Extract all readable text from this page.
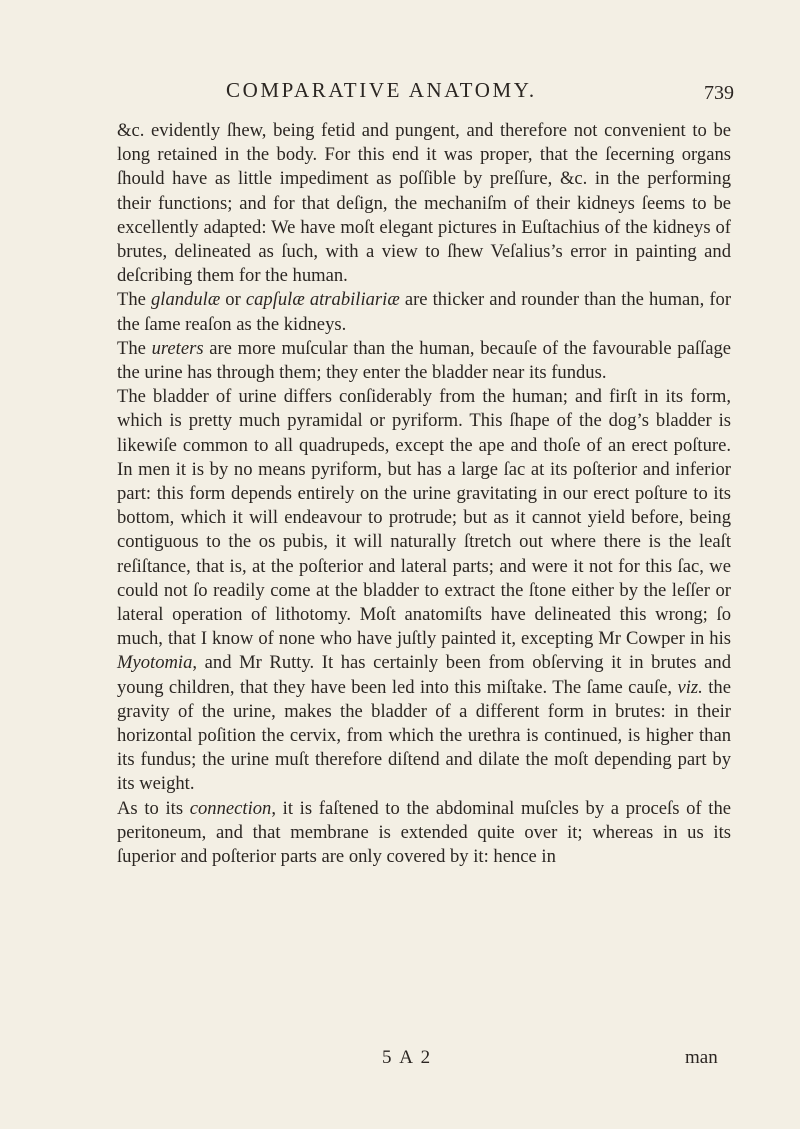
COMPARATIVE ANATOMY.	739

&c. evidently ſhew, being fetid and pungent, and therefore not convenient to be long retained in the body. For this end it was proper, that the ſecerning organs ſhould have as little impediment as poſſible by preſſure, &c. in the performing their functions; and for that deſign, the mechaniſm of their kidneys ſeems to be excellently adapted: We have moſt elegant pictures in Euſtachius of the kidneys of brutes, delineated as ſuch, with a view to ſhew Veſalius’s error in painting and deſcribing them for the human.

The glandulæ or capſulæ atrabiliariæ are thicker and rounder than the human, for the ſame reaſon as the kidneys.

The ureters are more muſcular than the human, becauſe of the favourable paſſage the urine has through them; they enter the bladder near its fundus.

The bladder of urine differs conſiderably from the human; and firſt in its form, which is pretty much pyramidal or pyriform. This ſhape of the dog’s bladder is likewiſe common to all quadrupeds, except the ape and thoſe of an erect poſture. In men it is by no means pyriform, but has a large ſac at its poſterior and inferior part: this form depends entirely on the urine gravitating in our erect poſture to its bottom, which it will endeavour to protrude; but as it cannot yield before, being contiguous to the os pubis, it will naturally ſtretch out where there is the leaſt reſiſtance, that is, at the poſterior and lateral parts; and were it not for this ſac, we could not ſo readily come at the bladder to extract the ſtone either by the leſſer or lateral operation of lithotomy. Moſt anatomiſts have delineated this wrong; ſo much, that I know of none who have juſtly painted it, excepting Mr Cowper in his Myotomia, and Mr Rutty. It has certainly been from obſerving it in brutes and young children, that they have been led into this miſtake. The ſame cauſe, viz. the gravity of the urine, makes the bladder of a different form in brutes: in their horizontal poſition the cervix, from which the urethra is continued, is higher than its fundus; the urine muſt therefore diſtend and dilate the moſt depending part by its weight.

As to its connection, it is faſtened to the abdominal muſcles by a proceſs of the peritoneum, and that membrane is extended quite over it; whereas in us its ſuperior and poſterior parts are only covered by it: hence in

5 A 2	man
